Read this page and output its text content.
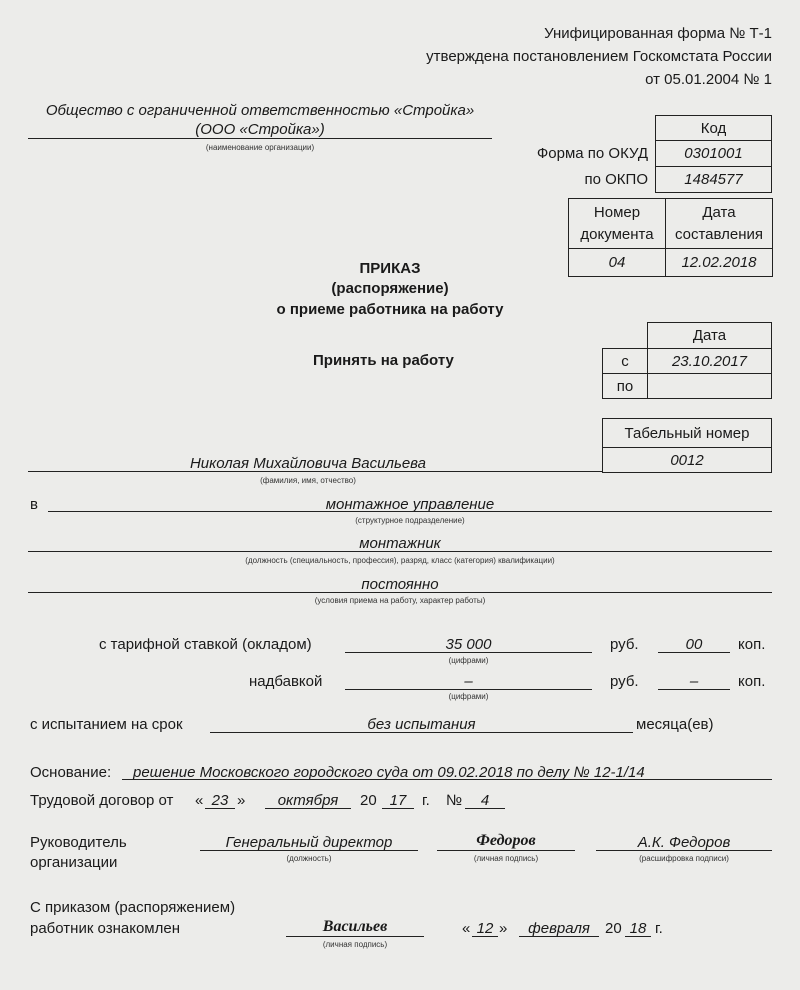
Унифицированная форма № Т-1
утверждена постановлением Госкомстата России
от 05.01.2004 № 1
Общество с ограниченной ответственностью «Стройка»
(ООО «Стройка»)
(наименование организации)
Код
Форма по ОКУД	0301001
по ОКПО	1484577
Номер документа
Дата составления
04	12.02.2018
ПРИКАЗ
(распоряжение)
о приеме работника на работу
Принять на работу
Дата
с	23.10.2017
по
Табельный номер
0012
Николая Михайловича Васильева
(фамилия, имя, отчество)
в	монтажное управление
(структурное подразделение)
монтажник
(должность (специальность, профессия), разряд, класс (категория) квалификации)
постоянно
(условия приема на работу, характер работы)
с тарифной ставкой (окладом)	35 000
(цифрами)
руб.	00	коп.
надбавкой	–
(цифрами)
руб.	–	коп.
с испытанием на срок	без испытания	месяца(ев)
Основание: решение Московского городского суда от 09.02.2018 по делу № 12-1/14
Трудовой договор от « 23 »	октября	20 17	г. №	4
Руководитель
организации
Генеральный директор
(должность)
Федоров
(личная подпись)
А.К. Федоров
(расшифровка подписи)
С приказом (распоряжением)
работник ознакомлен	Васильев
(личная подпись)
« 12 »	февраля	20 18 г.
